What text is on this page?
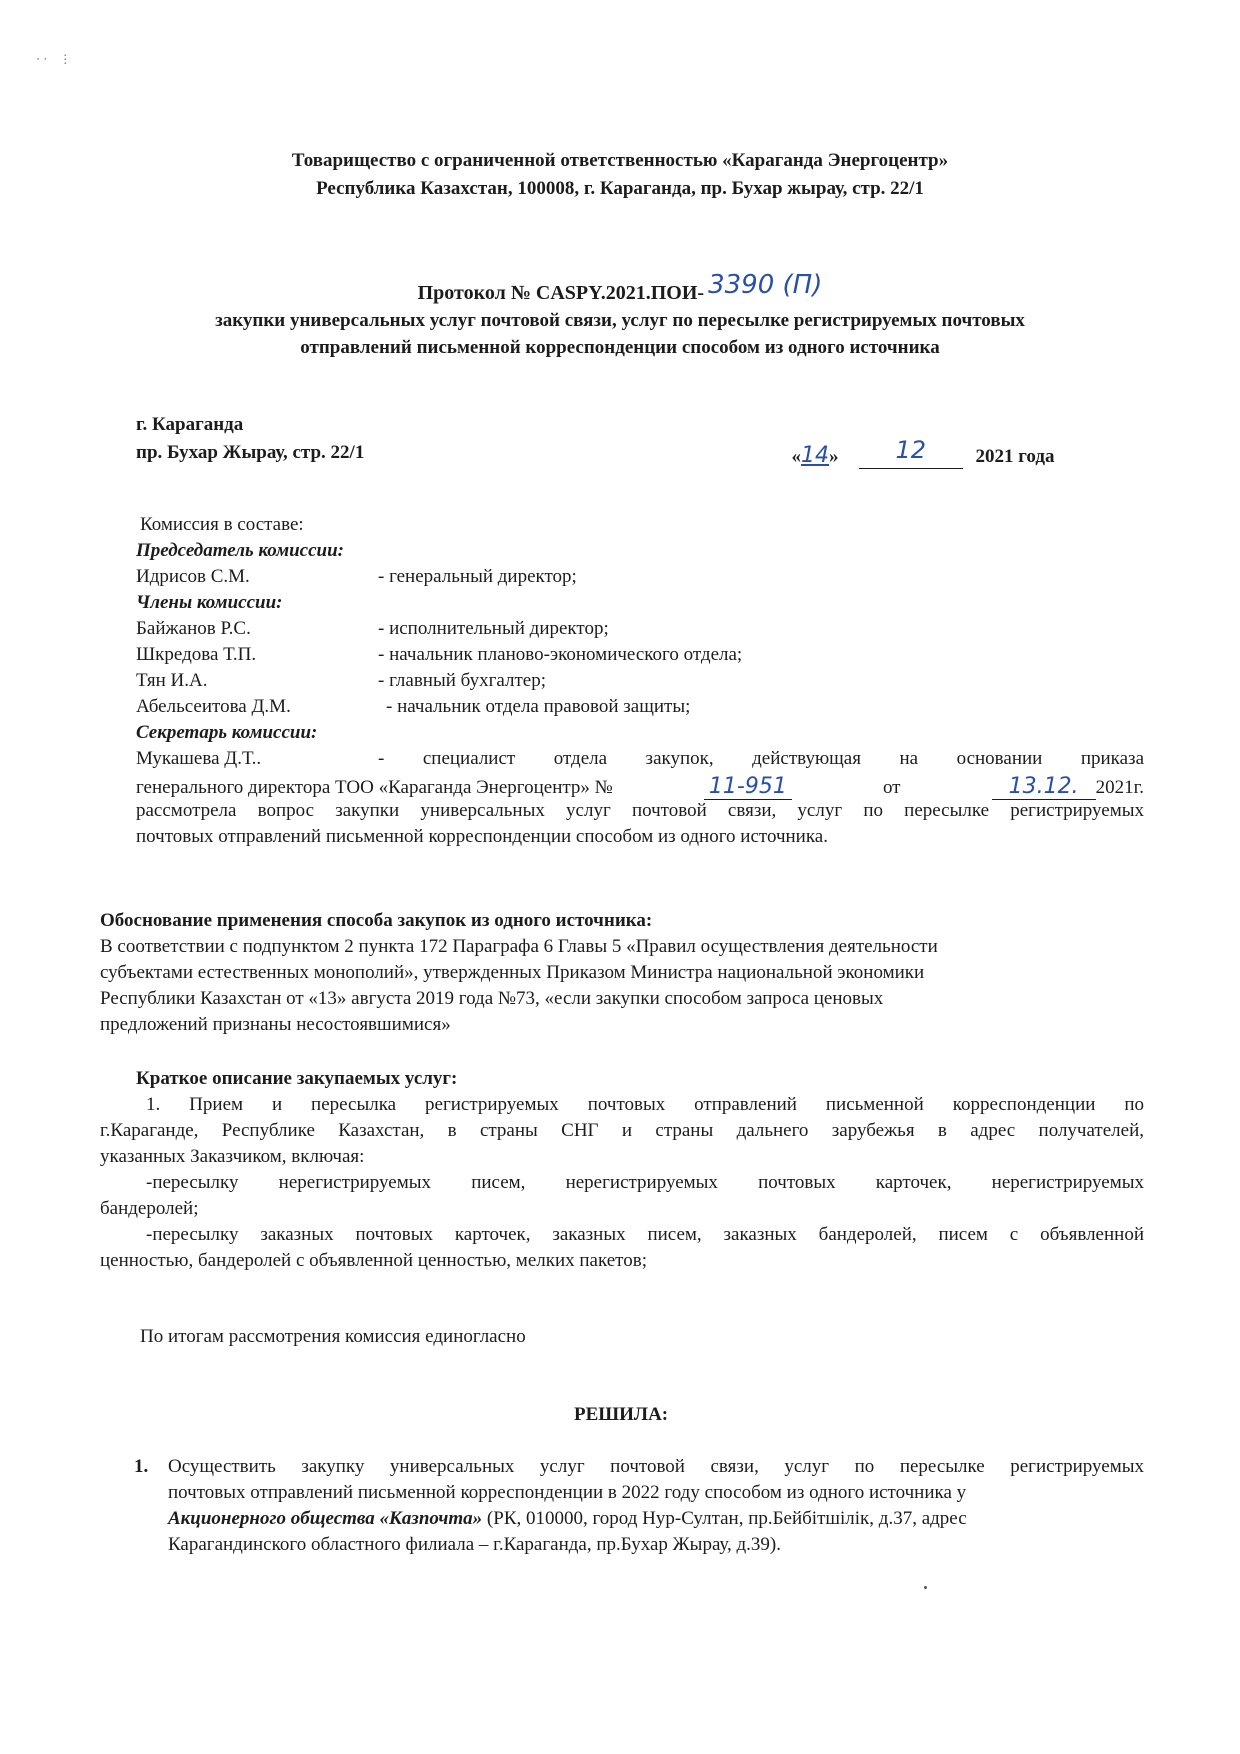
⋅ ⋅    ⋮
Товарищество с ограниченной ответственностью «Караганда Энергоцентр»
Республика Казахстан, 100008, г. Караганда, пр. Бухар жырау, стр. 22/1
Протокол № CASPY.2021.ПОИ- 3390 (П)
закупки универсальных услуг почтовой связи, услуг по пересылке регистрируемых почтовых
отправлений письменной корреспонденции способом из одного источника
г. Караганда
пр. Бухар Жырау, стр. 22/1	«14» 12	2021 года
Комиссия в составе:
Председатель комиссии:
Идрисов С.М.	- генеральный директор;
Члены комиссии:
Байжанов Р.С.	- исполнительный директор;
Шкредова Т.П.	- начальник планово-экономического отдела;
Тян И.А.	- главный бухгалтер;
Абельсеитова Д.М.	- начальник отдела правовой защиты;
Секретарь комиссии:
Мукашева Д.Т..	- специалист отдела закупок, действующая на основании приказа
генерального директора ТОО «Караганда Энергоцентр» №	11-951	от	13.12. 2021г.
рассмотрела вопрос закупки универсальных услуг почтовой связи, услуг по пересылке регистрируемых
почтовых отправлений письменной корреспонденции способом из одного источника.
Обоснование применения способа закупок из одного источника:
В соответствии с подпунктом 2 пункта 172 Параграфа 6 Главы 5 «Правил осуществления деятельности
субъектами естественных монополий», утвержденных Приказом Министра национальной экономики
Республики Казахстан от «13» августа 2019 года №73, «если закупки способом запроса ценовых
предложений признаны несостоявшимися»
Краткое описание закупаемых услуг:
1. Прием и пересылка регистрируемых почтовых отправлений письменной корреспонденции по
г.Караганде, Республике Казахстан, в страны СНГ и страны дальнего зарубежья в адрес получателей,
указанных Заказчиком, включая:
-пересылку нерегистрируемых писем, нерегистрируемых почтовых карточек, нерегистрируемых
бандеролей;
-пересылку заказных почтовых карточек, заказных писем, заказных бандеролей, писем с объявленной
ценностью, бандеролей с объявленной ценностью, мелких пакетов;
По итогам рассмотрения комиссия единогласно
РЕШИЛА:
1. Осуществить закупку универсальных услуг почтовой связи, услуг по пересылке регистрируемых
почтовых отправлений письменной корреспонденции в 2022 году способом из одного источника у
Акционерного общества «Казпочта» (РК, 010000, город Нур-Султан, пр.Бейбітшілік, д.37, адрес
Карагандинского областного филиала – г.Караганда, пр.Бухар Жырау, д.39).
